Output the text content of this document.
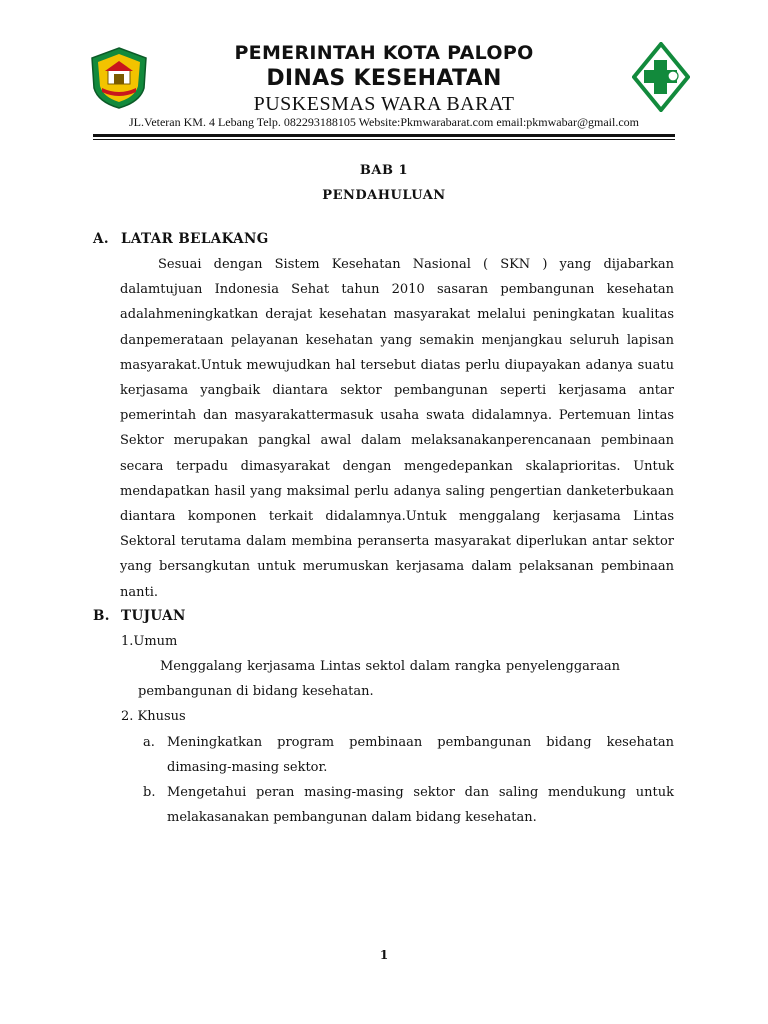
PEMERINTAH KOTA PALOPO
DINAS KESEHATAN
PUSKESMAS WARA BARAT
JL.Veteran KM. 4 Lebang Telp. 082293188105 Website:Pkmwarabarat.com email:pkmwabar@gmail.com
BAB 1
PENDAHULUAN
A. LATAR BELAKANG
Sesuai dengan Sistem Kesehatan Nasional ( SKN ) yang dijabarkan dalamtujuan Indonesia Sehat tahun 2010 sasaran pembangunan kesehatan adalahmeningkatkan derajat kesehatan masyarakat melalui peningkatan kualitas danpemerataan pelayanan kesehatan yang semakin menjangkau seluruh lapisan masyarakat.Untuk mewujudkan hal tersebut diatas perlu diupayakan adanya suatu kerjasama yangbaik diantara sektor pembangunan seperti kerjasama antar pemerintah dan masyarakattermasuk usaha swata didalamnya. Pertemuan lintas Sektor merupakan pangkal awal dalam melaksanakanperencanaan pembinaan secara terpadu dimasyarakat dengan mengedepankan skalaprioritas. Untuk mendapatkan hasil yang maksimal perlu adanya saling pengertian danketerbukaan diantara komponen terkait didalamnya.Untuk menggalang kerjasama Lintas Sektoral terutama dalam membina peranserta masyarakat diperlukan antar sektor yang bersangkutan untuk merumuskan kerjasama dalam pelaksanan pembinaan nanti.
B. TUJUAN
1.Umum
Menggalang kerjasama Lintas sektol dalam rangka penyelenggaraan
pembangunan di bidang kesehatan.
2. Khusus
a. Meningkatkan program pembinaan pembangunan bidang kesehatan
dimasing-masing sektor.
b. Mengetahui peran masing-masing sektor dan saling mendukung untuk
melakasanakan pembangunan dalam bidang kesehatan.
1
